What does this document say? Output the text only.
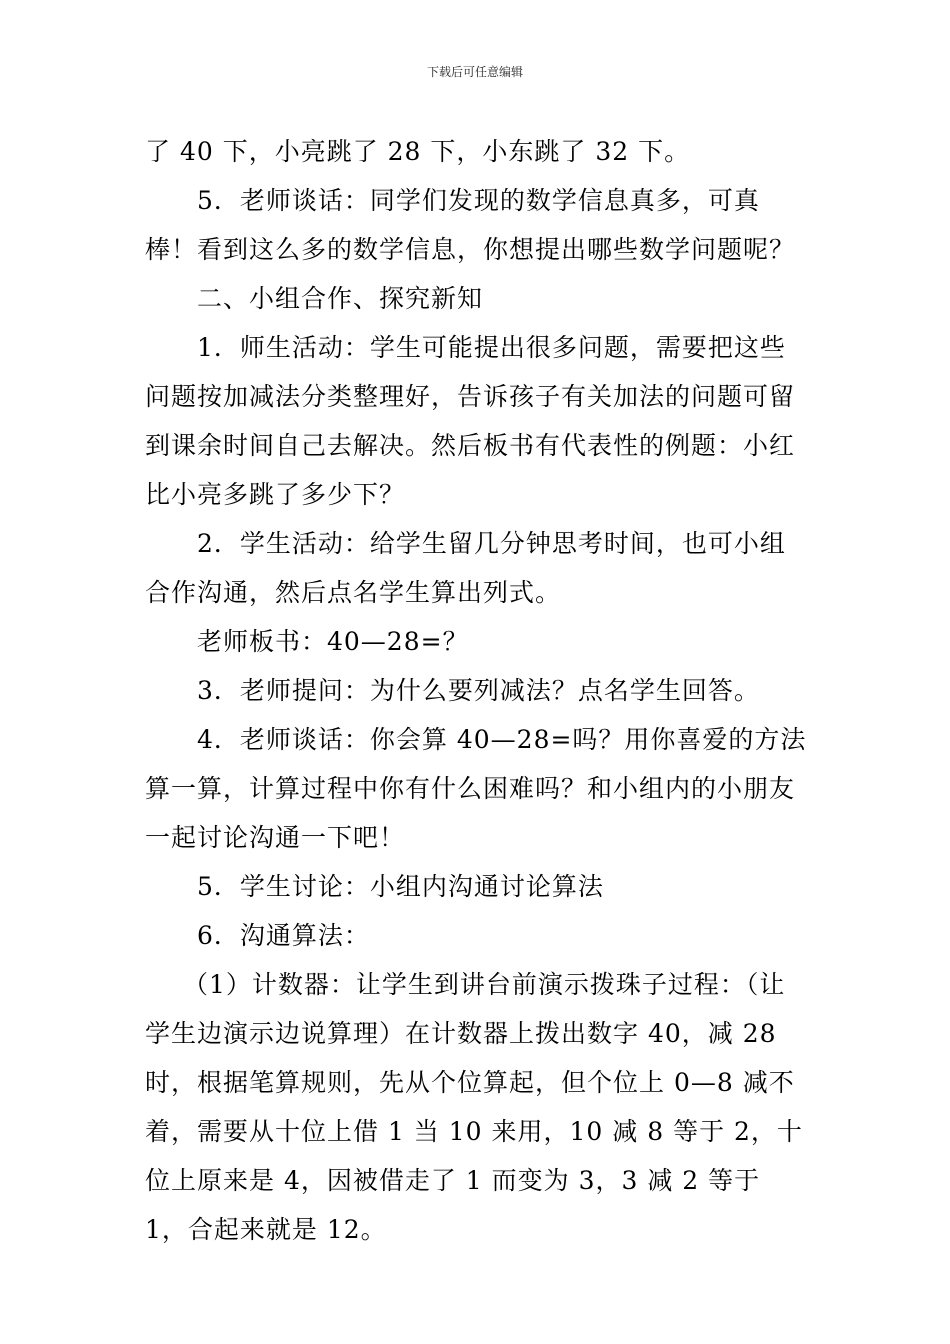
下载后可任意编辑

了 40 下，小亮跳了 28 下，小东跳了 32 下。

5．老师谈话：同学们发现的数学信息真多，可真棒！看到这么多的数学信息，你想提出哪些数学问题呢？

二、小组合作、探究新知

1．师生活动：学生可能提出很多问题，需要把这些问题按加减法分类整理好，告诉孩子有关加法的问题可留到课余时间自己去解决。然后板书有代表性的例题：小红比小亮多跳了多少下？

2．学生活动：给学生留几分钟思考时间，也可小组合作沟通，然后点名学生算出列式。

老师板书：40—28=？

3．老师提问：为什么要列减法？点名学生回答。

4．老师谈话：你会算 40—28=吗？用你喜爱的方法算一算，计算过程中你有什么困难吗？和小组内的小朋友一起讨论沟通一下吧！

5．学生讨论：小组内沟通讨论算法

6．沟通算法：

（1）计数器：让学生到讲台前演示拨珠子过程：（让学生边演示边说算理）在计数器上拨出数字 40，减 28 时，根据笔算规则，先从个位算起，但个位上 0—8 减不着，需要从十位上借 1 当 10 来用，10 减 8 等于 2，十位上原来是 4，因被借走了 1 而变为 3，3 减 2 等于 1，合起来就是 12。
